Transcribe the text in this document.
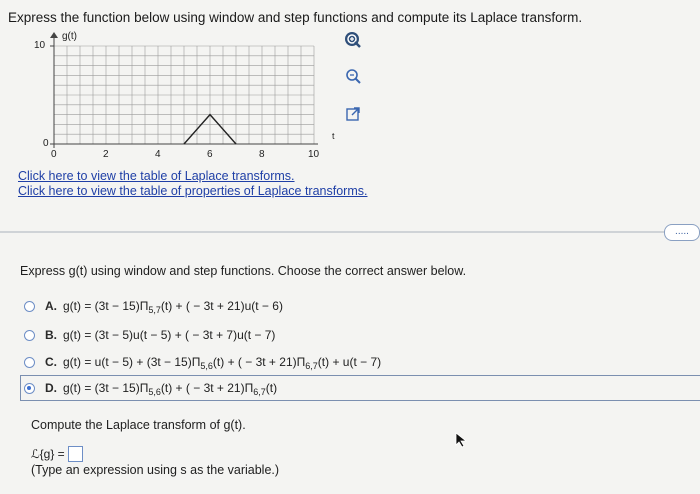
Express the function below using window and step functions and compute its Laplace transform.
g(t)
10
0
t
0	2	4	6	8	10
Click here to view the table of Laplace transforms.
Click here to view the table of properties of Laplace transforms.
.....
Express g(t) using window and step functions. Choose the correct answer below.
A. $g(t) = (3t - 15)\Pi_{5,7}(t)$ + ( − 3t + 21)u(t − 6)
B. g(t) = (3t − 5)u(t − 5) + ( − 3t + 7)u(t − 7)
C. $g(t) = u(t - 5) + (3t - 15)\Pi_{5,6}(t)$ + ( − $3t + 21)\Pi_{6,7}(t) + u(t - 7)$
D. $g(t) = (3t - 15)\Pi_{5,6}(t)$ + ( − $3t + 21)\Pi_{6,7}(t)$
Compute the Laplace transform of g(t).
ℒ{g} =
(Type an expression using s as the variable.)
